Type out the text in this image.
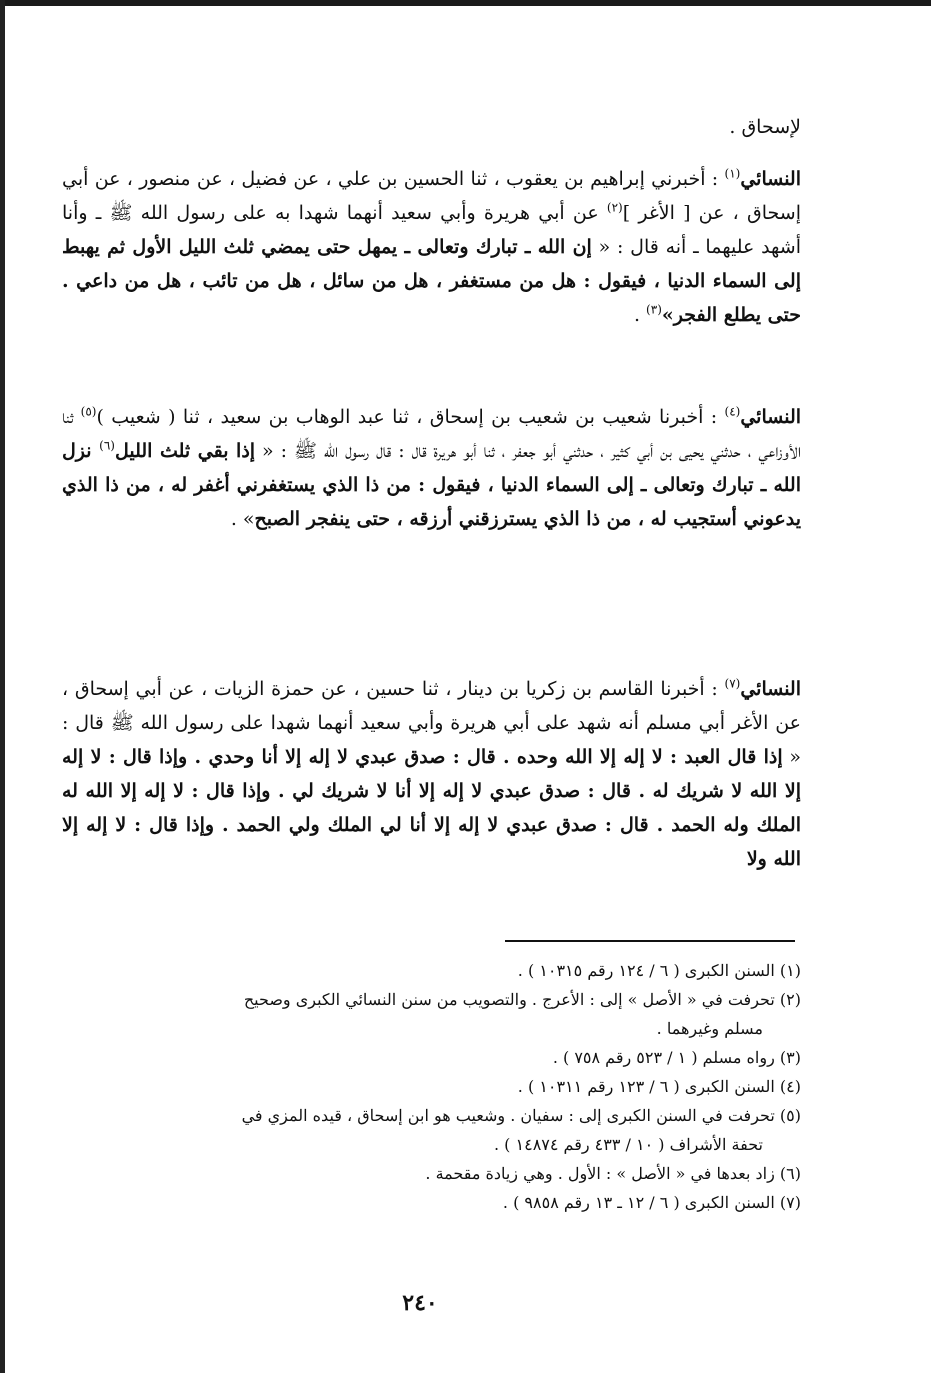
لإسحاق .
النسائي$^{(١)}$ : أخبرني إبراهيم بن يعقوب ، ثنا الحسين بن علي ، عن فضيل ، عن منصور ، عن أبي إسحاق ، عن [ الأغر ]$^{(٢)}$ عن أبي هريرة وأبي سعيد أنهما شهدا به على رسول الله ﷺ ـ وأنا أشهد عليهما ـ أنه قال : « إن الله ـ تبارك وتعالى ـ يمهل حتى يمضي ثلث الليل الأول ثم يهبط إلى السماء الدنيا ، فيقول : هل من مستغفر ، هل من سائل ، هل من تائب ، هل من داعي . حتى يطلع الفجر»$^{(٣)}$ .
النسائي$^{(٤)}$ : أخبرنا شعيب بن شعيب بن إسحاق ، ثنا عبد الوهاب بن سعيد ، ثنا ( شعيب )$^{(٥)}$ ثنا الأوزاعي ، حدثني يحيى بن أبي كثير ، حدثني أبو جعفر ، ثنا أبو هريرة قال : قال رسول الله ﷺ : « إذا بقي ثلث الليل$^{(٦)}$ نزل الله ـ تبارك وتعالى ـ إلى السماء الدنيا ، فيقول : من ذا الذي يستغفرني أغفر له ، من ذا الذي يدعوني أستجيب له ، من ذا الذي يسترزقني أرزقه ، حتى ينفجر الصبح» .
النسائي$^{(٧)}$ : أخبرنا القاسم بن زكريا بن دينار ، ثنا حسين ، عن حمزة الزيات ، عن أبي إسحاق ، عن الأغر أبي مسلم أنه شهد على أبي هريرة وأبي سعيد أنهما شهدا على رسول الله ﷺ قال : « إذا قال العبد : لا إله إلا الله وحده . قال : صدق عبدي لا إله إلا أنا وحدي . وإذا قال : لا إله إلا الله لا شريك له . قال : صدق عبدي لا إله إلا أنا لا شريك لي . وإذا قال : لا إله إلا الله له الملك وله الحمد . قال : صدق عبدي لا إله إلا أنا لي الملك ولي الحمد . وإذا قال : لا إله إلا الله ولا
(١) السنن الكبرى ( ٦ / ١٢٤ رقم ١٠٣١٥ ) .
(٢) تحرفت في « الأصل » إلى : الأعرج . والتصويب من سنن النسائي الكبرى وصحيح
مسلم وغيرهما .
(٣) رواه مسلم ( ١ / ٥٢٣ رقم ٧٥٨ ) .
(٤) السنن الكبرى ( ٦ / ١٢٣ رقم ١٠٣١١ ) .
(٥) تحرفت في السنن الكبرى إلى : سفيان . وشعيب هو ابن إسحاق ، قيده المزي في
تحفة الأشراف ( ١٠ / ٤٣٣ رقم ١٤٨٧٤ ) .
(٦) زاد بعدها في « الأصل » : الأول . وهي زيادة مقحمة .
(٧) السنن الكبرى ( ٦ / ١٢ ـ ١٣ رقم ٩٨٥٨ ) .
٢٤٠
